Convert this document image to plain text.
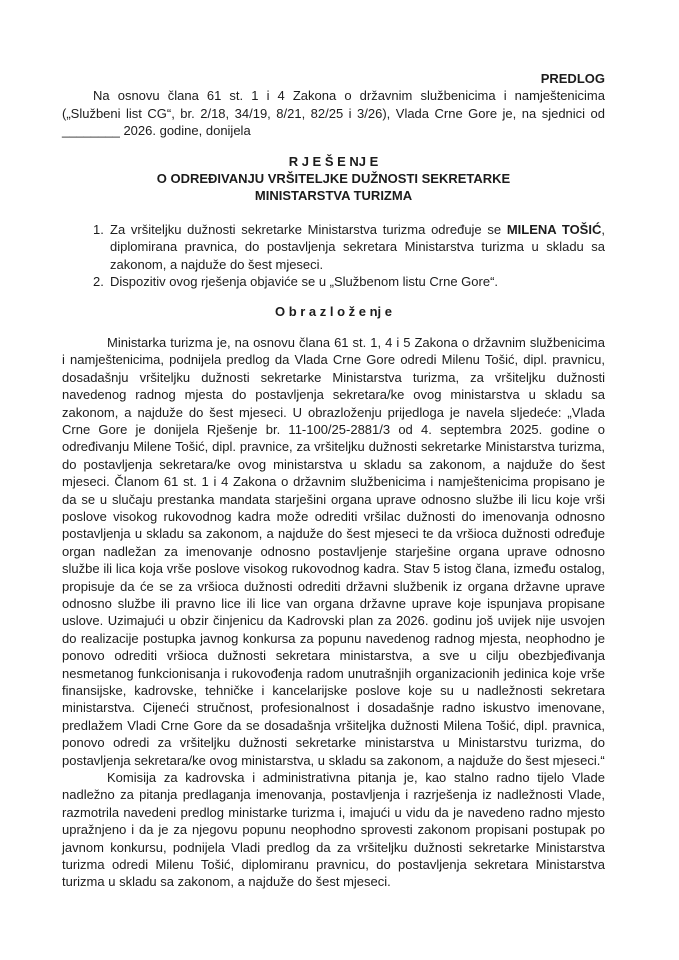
PREDLOG

Na osnovu člana 61 st. 1 i 4 Zakona o državnim službenicima i namještenicima („Službeni list CG“, br. 2/18, 34/19, 8/21, 82/25 i 3/26), Vlada Crne Gore je, na sjednici od ________ 2026. godine, donijela

R J E Š E NJ E

O ODREĐIVANJU VRŠITELJKE DUŽNOSTI SEKRETARKE

MINISTARSTVA TURIZMA

1. Za vršiteljku dužnosti sekretarke Ministarstva turizma određuje se MILENA TOŠIĆ, diplomirana pravnica, do postavljenja sekretara Ministarstva turizma u skladu sa zakonom, a najduže do šest mjeseci.
2. Dispozitiv ovog rješenja objaviće se u „Službenom listu Crne Gore“.

O b r a z l o ž e nj e

Ministarka turizma je, na osnovu člana 61 st. 1, 4 i 5 Zakona o državnim službenicima i namještenicima, podnijela predlog da Vlada Crne Gore odredi Milenu Tošić, dipl. pravnicu, dosadašnju vršiteljku dužnosti sekretarke Ministarstva turizma, za vršiteljku dužnosti navedenog radnog mjesta do postavljenja sekretara/ke ovog ministarstva u skladu sa zakonom, a najduže do šest mjeseci. U obrazloženju prijedloga je navela sljedeće: „Vlada Crne Gore je donijela Rješenje br. 11-100/25-2881/3 od 4. septembra 2025. godine o određivanju Milene Tošić, dipl. pravnice, za vršiteljku dužnosti sekretarke Ministarstva turizma, do postavljenja sekretara/ke ovog ministarstva u skladu sa zakonom, a najduže do šest mjeseci. Članom 61 st. 1 i 4 Zakona o državnim službenicima i namještenicima propisano je da se u slučaju prestanka mandata starješini organa uprave odnosno službe ili licu koje vrši poslove visokog rukovodnog kadra može odrediti vršilac dužnosti do imenovanja odnosno postavljenja u skladu sa zakonom, a najduže do šest mjeseci te da vršioca dužnosti određuje organ nadležan za imenovanje odnosno postavljenje starješine organa uprave odnosno službe ili lica koja vrše poslove visokog rukovodnog kadra. Stav 5 istog člana, između ostalog, propisuje da će se za vršioca dužnosti odrediti državni službenik iz organa državne uprave odnosno službe ili pravno lice ili lice van organa državne uprave koje ispunjava propisane uslove. Uzimajući u obzir činjenicu da Kadrovski plan za 2026. godinu još uvijek nije usvojen do realizacije postupka javnog konkursa za popunu navedenog radnog mjesta, neophodno je ponovo odrediti vršioca dužnosti sekretara ministarstva, a sve u cilju obezbjeđivanja nesmetanog funkcionisanja i rukovođenja radom unutrašnjih organizacionih jedinica koje vrše finansijske, kadrovske, tehničke i kancelarijske poslove koje su u nadležnosti sekretara ministarstva. Cijeneći stručnost, profesionalnost i dosadašnje radno iskustvo imenovane, predlažem Vladi Crne Gore da se dosadašnja vršiteljka dužnosti Milena Tošić, dipl. pravnica, ponovo odredi za vršiteljku dužnosti sekretarke ministarstva u Ministarstvu turizma, do postavljenja sekretara/ke ovog ministarstva, u skladu sa zakonom, a najduže do šest mjeseci.“

Komisija za kadrovska i administrativna pitanja je, kao stalno radno tijelo Vlade nadležno za pitanja predlaganja imenovanja, postavljenja i razrješenja iz nadležnosti Vlade, razmotrila navedeni predlog ministarke turizma i, imajući u vidu da je navedeno radno mjesto upražnjeno i da je za njegovu popunu neophodno sprovesti zakonom propisani postupak po javnom konkursu, podnijela Vladi predlog da za vršiteljku dužnosti sekretarke Ministarstva turizma odredi Milenu Tošić, diplomiranu pravnicu, do postavljenja sekretara Ministarstva turizma u skladu sa zakonom, a najduže do šest mjeseci.
